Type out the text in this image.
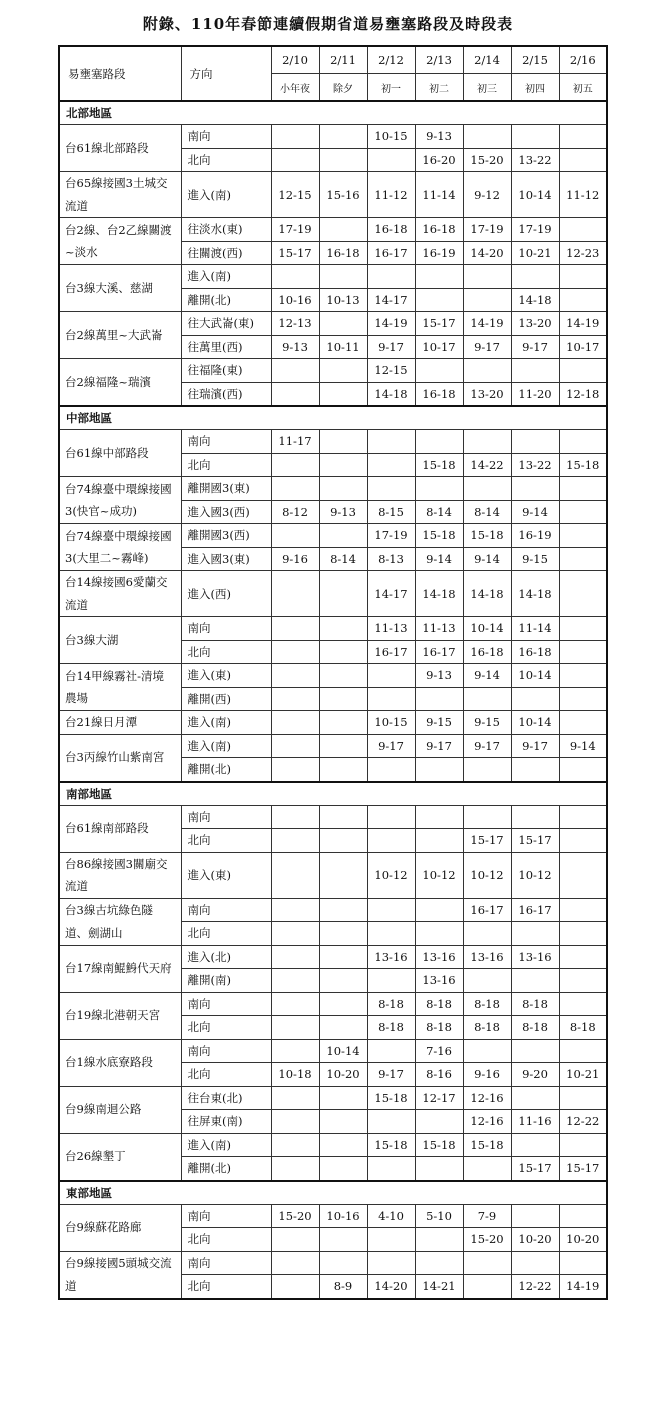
附錄、110年春節連續假期省道易壅塞路段及時段表
易壅塞路段	方向	2/10	2/11	2/12	2/13	2/14	2/15	2/16
		小年夜	除夕	初一	初二	初三	初四	初五
北部地區								
台61線北部路段	南向			10-15	9-13			
	北向				16-20	15-20	13-22	
台65線接國3土城交流道	進入(南)	12-15	15-16	11-12	11-14	9-12	10-14	11-12
台2線、台2乙線關渡~淡水	往淡水(東)	17-19		16-18	16-18	17-19	17-19	
	往關渡(西)	15-17	16-18	16-17	16-19	14-20	10-21	12-23
台3線大溪、慈湖	進入(南)							
	離開(北)	10-16	10-13	14-17			14-18	
台2線萬里~大武崙	往大武崙(東)	12-13		14-19	15-17	14-19	13-20	14-19
	往萬里(西)	9-13	10-11	9-17	10-17	9-17	9-17	10-17
台2線福隆~瑞濱	往福隆(東)			12-15				
	往瑞濱(西)			14-18	16-18	13-20	11-20	12-18
中部地區								
台61線中部路段	南向	11-17						
	北向				15-18	14-22	13-22	15-18
台74線臺中環線接國3(快官~成功)	離開國3(東)							
	進入國3(西)	8-12	9-13	8-15	8-14	8-14	9-14	
台74線臺中環線接國3(大里二~霧峰)	離開國3(西)			17-19	15-18	15-18	16-19	
	進入國3(東)	9-16	8-14	8-13	9-14	9-14	9-15	
台14線接國6愛蘭交流道	進入(西)			14-17	14-18	14-18	14-18	
台3線大湖	南向			11-13	11-13	10-14	11-14	
	北向			16-17	16-17	16-18	16-18	
台14甲線霧社-清境農場	進入(東)				9-13	9-14	10-14	
	離開(西)							
台21線日月潭	進入(南)			10-15	9-15	9-15	10-14	
台3丙線竹山紫南宮	進入(南)			9-17	9-17	9-17	9-17	9-14
	離開(北)							
南部地區								
台61線南部路段	南向							
	北向					15-17	15-17	
台86線接國3關廟交流道	進入(東)			10-12	10-12	10-12	10-12	
台3線古坑綠色隧道、劍湖山	南向					16-17	16-17	
	北向							
台17線南鯤鯓代天府	進入(北)			13-16	13-16	13-16	13-16	
	離開(南)				13-16			
台19線北港朝天宮	南向			8-18	8-18	8-18	8-18	
	北向			8-18	8-18	8-18	8-18	8-18
台1線水底寮路段	南向		10-14		7-16			
	北向	10-18	10-20	9-17	8-16	9-16	9-20	10-21
台9線南迴公路	往台東(北)			15-18	12-17	12-16		
	往屏東(南)					12-16	11-16	12-22
台26線墾丁	進入(南)			15-18	15-18	15-18		
	離開(北)						15-17	15-17
東部地區								
台9線蘇花路廊	南向	15-20	10-16	4-10	5-10	7-9		
	北向					15-20	10-20	10-20
台9線接國5頭城交流道	南向							
	北向		8-9	14-20	14-21		12-22	14-19
